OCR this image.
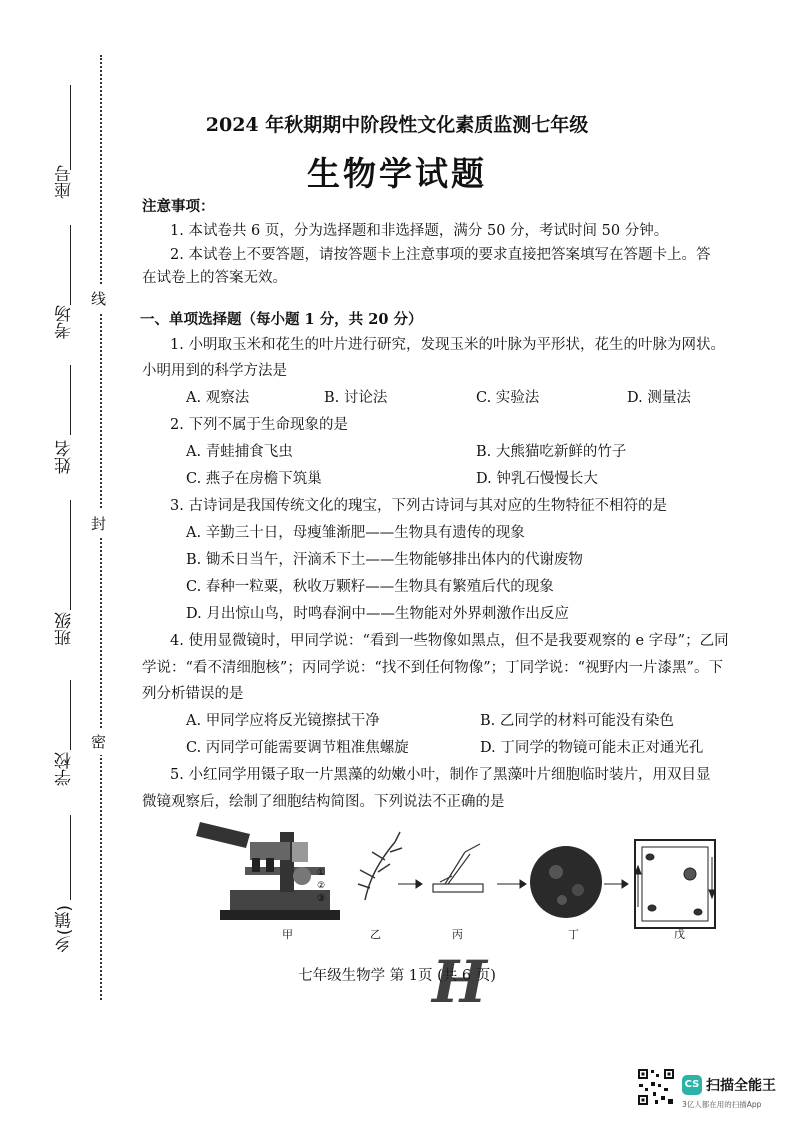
座号
考场
姓名
班级
学校
乡(镇)
线
封
密
2024 年秋期期中阶段性文化素质监测七年级
生物学试题
注意事项：
1. 本试卷共 6 页，分为选择题和非选择题，满分 50 分，考试时间 50 分钟。
2. 本试卷上不要答题，请按答题卡上注意事项的要求直接把答案填写在答题卡上。答
在试卷上的答案无效。
一、单项选择题（每小题 1 分，共 20 分）
1. 小明取玉米和花生的叶片进行研究，发现玉米的叶脉为平形状，花生的叶脉为网状。
小明用到的科学方法是
A. 观察法	B. 讨论法	C. 实验法	D. 测量法
2. 下列不属于生命现象的是
A. 青蛙捕食飞虫	B. 大熊猫吃新鲜的竹子
C. 燕子在房檐下筑巢	D. 钟乳石慢慢长大
3. 古诗词是我国传统文化的瑰宝，下列古诗词与其对应的生物特征不相符的是
A. 辛勤三十日，母瘦雏渐肥——生物具有遗传的现象
B. 锄禾日当午，汗滴禾下土——生物能够排出体内的代谢废物
C. 春种一粒粟，秋收万颗籽——生物具有繁殖后代的现象
D. 月出惊山鸟，时鸣春涧中——生物能对外界刺激作出反应
4. 使用显微镜时，甲同学说：“看到一些物像如黑点，但不是我要观察的 e 字母”；乙同
学说：“看不清细胞核”；丙同学说：“找不到任何物像”；丁同学说：“视野内一片漆黑”。下
列分析错误的是
A. 甲同学应将反光镜擦拭干净	B. 乙同学的材料可能没有染色
C. 丙同学可能需要调节粗准焦螺旋	D. 丁同学的物镜可能未正对通光孔
5. 小红同学用镊子取一片黑藻的幼嫩小叶，制作了黑藻叶片细胞临时装片，用双目显
微镜观察后，绘制了细胞结构简图。下列说法不正确的是
①
②
③
甲	乙	丙	丁	戊
七年级生物学 第 1页 (共 6 页)
H
CS 扫描全能王
3亿人都在用的扫描App
